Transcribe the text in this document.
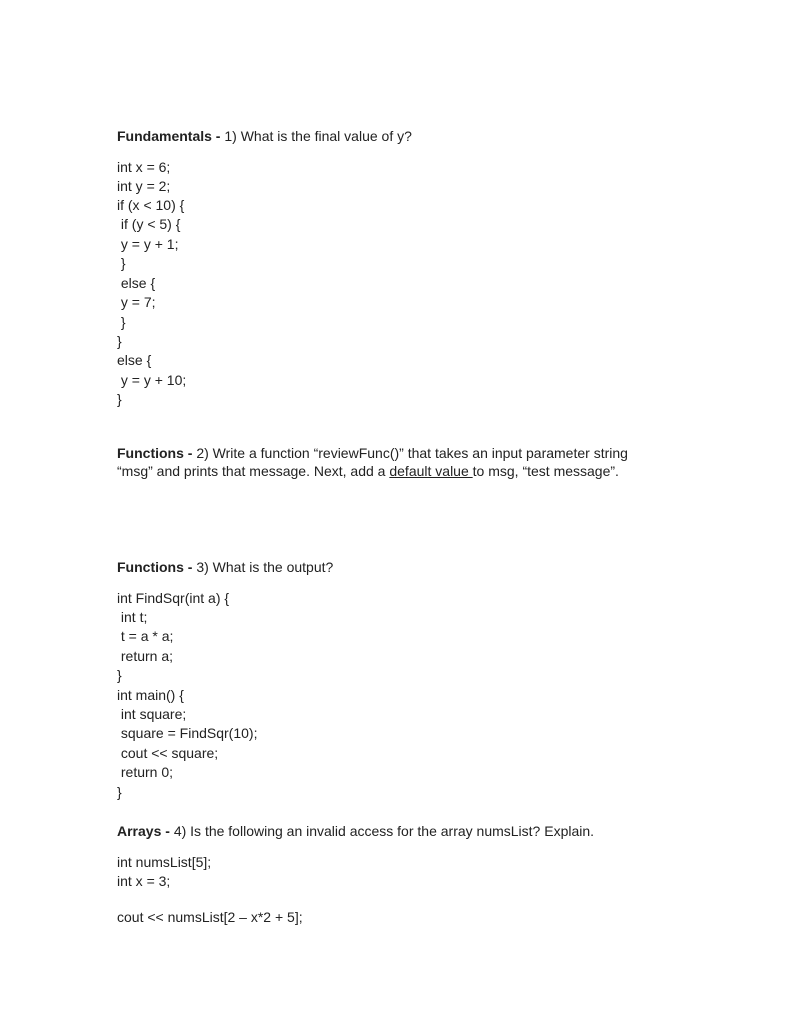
Fundamentals - 1) What is the final value of y?
int x = 6;
int y = 2;
if (x < 10) {
if (y < 5) {
y = y + 1;
}
else {
y = 7;
}
}
else {
y = y + 10;
}
Functions - 2) Write a function “reviewFunc()” that takes an input parameter string
“msg” and prints that message. Next, add a default value to msg, “test message”.
Functions - 3) What is the output?
int FindSqr(int a) {
int t;
t = a * a;
return a;
}
int main() {
int square;
square = FindSqr(10);
cout << square;
return 0;
}
Arrays - 4) Is the following an invalid access for the array numsList? Explain.
int numsList[5];
int x = 3;
cout << numsList[2 – x*2 + 5];
